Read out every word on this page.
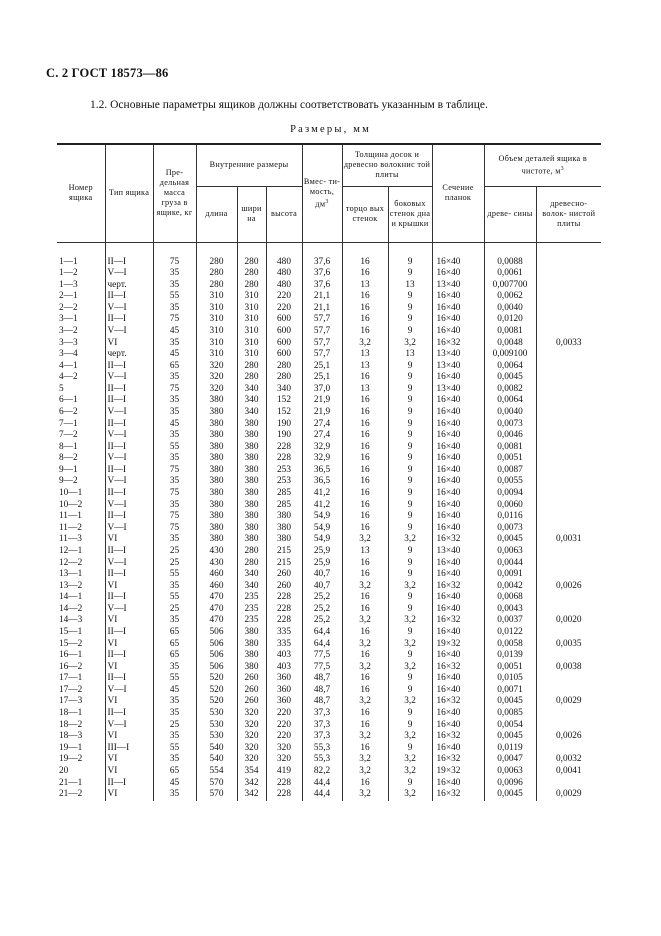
С. 2 ГОСТ 18573—86
1.2. Основные параметры ящиков должны соответствовать указанным в таблице.
Размеры, мм
Номер ящика	Тип ящика	Пре- дельная масса груза в ящике, кг	Внутренние размеры			Вмес- ти- мость, $дм^3$	Толщина досок и древесно волокнис той плиты		Сечение планок	Объем деталей ящика в чистоте, $м^3$
			длина	шири на	высота		торцо вых стенок	боковых стенок дна и крышки		древе- сины	древесно- волок- нистой плиты

1—1	II—I	75	280	280	480	37,6	16	9	16×40	0,0088	
1—2	V—I	35	280	280	480	37,6	16	9	16×40	0,0061	
1—3	черт.	35	280	280	480	37,6	13	13	13×40	0,007700	
2—1	II—I	55	310	310	220	21,1	16	9	16×40	0,0062	
2—2	V—I	35	310	310	220	21,1	16	9	16×40	0,0040	
3—1	II—I	75	310	310	600	57,7	16	9	16×40	0,0120	
3—2	V—I	45	310	310	600	57,7	16	9	16×40	0,0081	
3—3	VI	35	310	310	600	57,7	3,2	3,2	16×32	0,0048	0,0033
3—4	черт.	45	310	310	600	57,7	13	13	13×40	0,009100	
4—1	II—I	65	320	280	280	25,1	13	9	13×40	0,0064	
4—2	V—I	35	320	280	280	25,1	16	9	16×40	0,0045	
5	II—I	75	320	340	340	37,0	13	9	13×40	0,0082	
6—1	II—I	35	380	340	152	21,9	16	9	16×40	0,0064	
6—2	V—I	35	380	340	152	21,9	16	9	16×40	0,0040	
7—1	II—I	45	380	380	190	27,4	16	9	16×40	0,0073	
7—2	V—I	35	380	380	190	27,4	16	9	16×40	0,0046	
8—1	II—I	55	380	380	228	32,9	16	9	16×40	0,0081	
8—2	V—I	35	380	380	228	32,9	16	9	16×40	0,0051	
9—1	II—I	75	380	380	253	36,5	16	9	16×40	0,0087	
9—2	V—I	35	380	380	253	36,5	16	9	16×40	0,0055	
10—1	II—I	75	380	380	285	41,2	16	9	16×40	0,0094	
10—2	V—I	35	380	380	285	41,2	16	9	16×40	0,0060	
11—1	II—I	75	380	380	380	54,9	16	9	16×40	0,0116	
11—2	V—I	75	380	380	380	54,9	16	9	16×40	0,0073	
11—3	VI	35	380	380	380	54,9	3,2	3,2	16×32	0,0045	0,0031
12—1	II—I	25	430	280	215	25,9	13	9	13×40	0,0063	
12—2	V—I	25	430	280	215	25,9	16	9	16×40	0,0044	
13—1	II—I	55	460	340	260	40,7	16	9	16×40	0,0091	
13—2	VI	35	460	340	260	40,7	3,2	3,2	16×32	0,0042	0,0026
14—1	II—I	55	470	235	228	25,2	16	9	16×40	0,0068	
14—2	V—I	25	470	235	228	25,2	16	9	16×40	0,0043	
14—3	VI	35	470	235	228	25,2	3,2	3,2	16×32	0,0037	0,0020
15—1	II—I	65	506	380	335	64,4	16	9	16×40	0,0122	
15—2	VI	65	506	380	335	64,4	3,2	3,2	19×32	0,0058	0,0035
16—1	II—I	65	506	380	403	77,5	16	9	16×40	0,0139	
16—2	VI	35	506	380	403	77,5	3,2	3,2	16×32	0,0051	0,0038
17—1	II—I	55	520	260	360	48,7	16	9	16×40	0,0105	
17—2	V—I	45	520	260	360	48,7	16	9	16×40	0,0071	
17—3	VI	35	520	260	360	48,7	3,2	3,2	16×32	0,0045	0,0029
18—1	II—I	35	530	320	220	37,3	16	9	16×40	0,0085	
18—2	V—I	25	530	320	220	37,3	16	9	16×40	0,0054	
18—3	VI	35	530	320	220	37,3	3,2	3,2	16×32	0,0045	0,0026
19—1	III—I	55	540	320	320	55,3	16	9	16×40	0,0119	
19—2	VI	35	540	320	320	55,3	3,2	3,2	16×32	0,0047	0,0032
20	VI	65	554	354	419	82,2	3,2	3,2	19×32	0,0063	0,0041
21—1	II—I	45	570	342	228	44,4	16	9	16×40	0,0096	
21—2	VI	35	570	342	228	44,4	3,2	3,2	16×32	0,0045	0,0029
